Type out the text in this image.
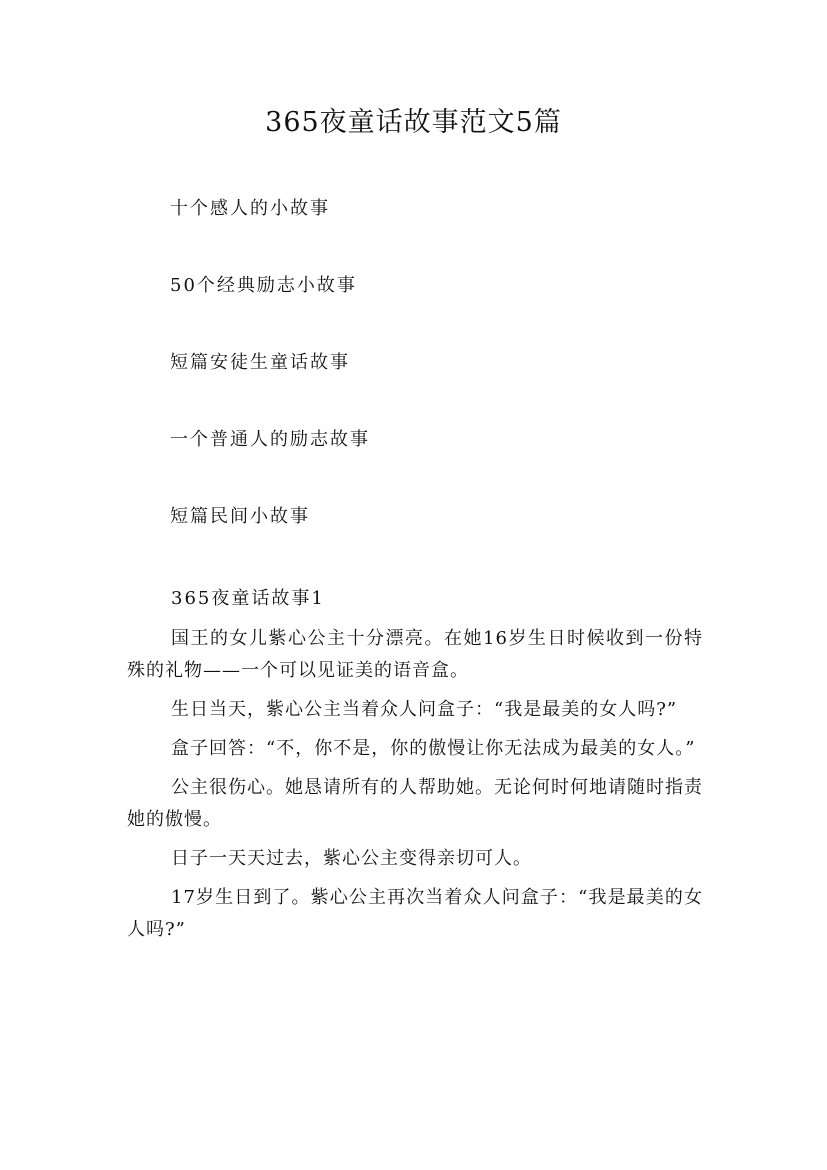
365夜童话故事范文5篇
十个感人的小故事
50个经典励志小故事
短篇安徒生童话故事
一个普通人的励志故事
短篇民间小故事
365夜童话故事1

国王的女儿紫心公主十分漂亮。在她16岁生日时候收到一份特殊的礼物——一个可以见证美的语音盒。

生日当天，紫心公主当着众人问盒子：“我是最美的女人吗?”

盒子回答：“不，你不是，你的傲慢让你无法成为最美的女人。”

公主很伤心。她恳请所有的人帮助她。无论何时何地请随时指责她的傲慢。

日子一天天过去，紫心公主变得亲切可人。

17岁生日到了。紫心公主再次当着众人问盒子：“我是最美的女人吗?”
